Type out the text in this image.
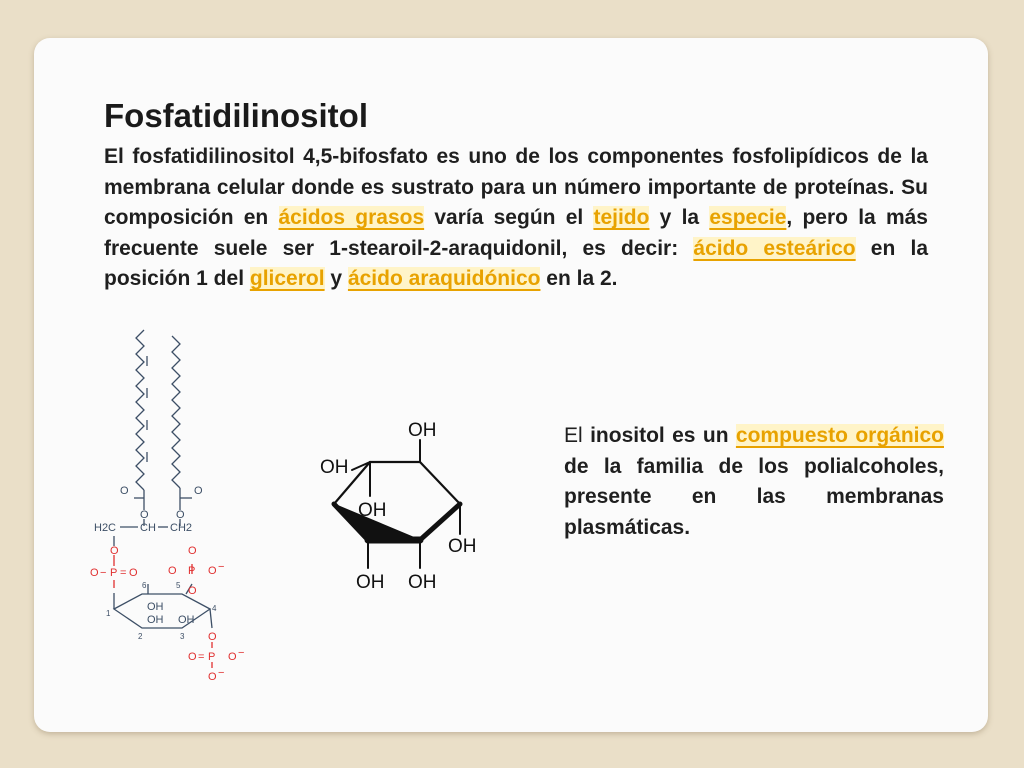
Fosfatidilinositol

El fosfatidilinositol 4,5-bifosfato es uno de los componentes fosfolipídicos de la membrana celular donde es sustrato para un número importante de proteínas. Su composición en ácidos grasos varía según el tejido y la especie, pero la más frecuente suele ser 1-stearoil-2-araquidonil, es decir: ácido esteárico en la posición 1 del glicerol y ácido araquidónico en la 2.

El inositol es un compuesto orgánico de la familia de los polialcoholes, presente en las membranas plasmáticas.

O	O
O O
H2C CH CH2
OH
OH OH
1
2	3
4
5
6
O
O − P = O
O
P
O	O −
O
O
O = P O −
O −
OH
OH
OH
OH
OH OH
